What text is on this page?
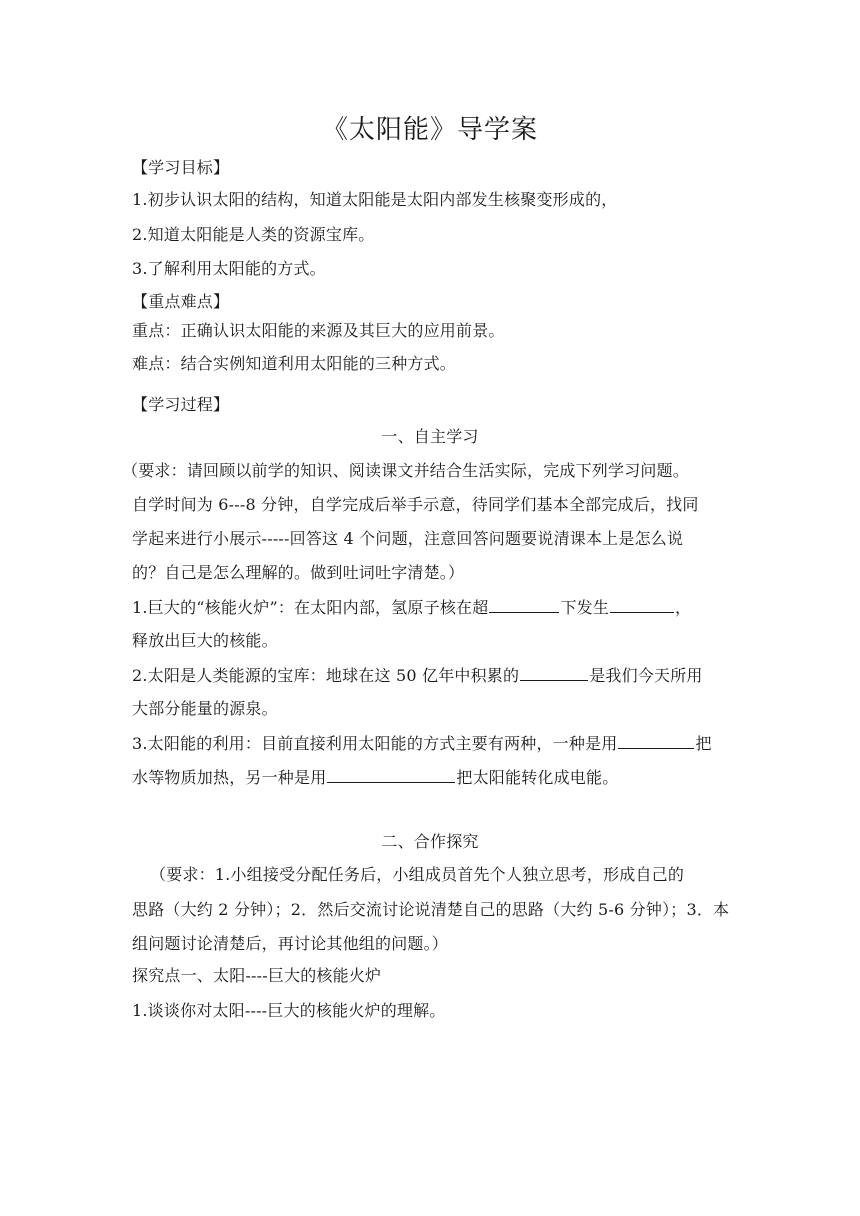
《太阳能》导学案
【学习目标】
1.初步认识太阳的结构，知道太阳能是太阳内部发生核聚变形成的，
2.知道太阳能是人类的资源宝库。
3.了解利用太阳能的方式。
【重点难点】
重点：正确认识太阳能的来源及其巨大的应用前景。
难点：结合实例知道利用太阳能的三种方式。
【学习过程】
一、自主学习
（要求：请回顾以前学的知识、阅读课文并结合生活实际，完成下列学习问题。
自学时间为 6---8 分钟，自学完成后举手示意，待同学们基本全部完成后，找同
学起来进行小展示-----回答这 4 个问题，注意回答问题要说清课本上是怎么说
的？自己是怎么理解的。做到吐词吐字清楚。）
1.巨大的“核能火炉”：在太阳内部，氢原子核在超	下发生	，
释放出巨大的核能。
2.太阳是人类能源的宝库：地球在这 50 亿年中积累的	是我们今天所用
大部分能量的源泉。
3.太阳能的利用：目前直接利用太阳能的方式主要有两种，一种是用	把
水等物质加热，另一种是用	把太阳能转化成电能。
二、合作探究
（要求：1.小组接受分配任务后，小组成员首先个人独立思考，形成自己的
思路（大约 2 分钟）；2．然后交流讨论说清楚自己的思路（大约 5-6 分钟）；3．本
组问题讨论清楚后，再讨论其他组的问题。）
探究点一、太阳----巨大的核能火炉
1.谈谈你对太阳----巨大的核能火炉的理解。
